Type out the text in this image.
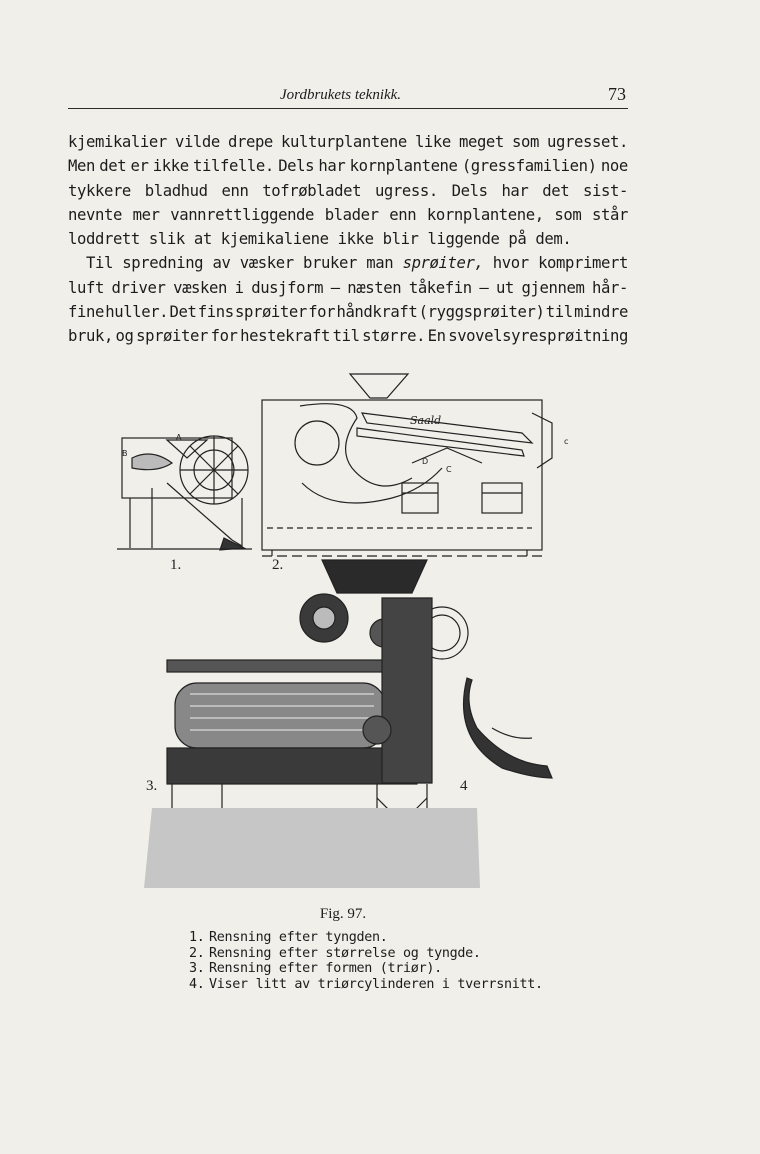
Jordbrukets teknikk.	73
kjemikalier vilde drepe kulturplantene like meget som ugresset.
Men det er ikke tilfelle. Dels har kornplantene (gressfamilien) noe
tykkere bladhud enn tofrøbladet ugress. Dels har det sist-
nevnte mer vannrettliggende blader enn kornplantene, som står
loddrett slik at kjemikaliene ikke blir liggende på dem.
Til spredning av væsker bruker man sprøiter, hvor komprimert
luft driver væsken i dusjform — næsten tåkefin — ut gjennem hår-
fine huller. Det fins sprøiter for håndkraft (ryggsprøiter) til mindre
bruk, og sprøiter for hestekraft til større. En svovelsyresprøitning
Saald
A
B
C
D
c
1.	2.
3.	4
Fig. 97.
1. Rensning efter tyngden.
2. Rensning efter størrelse og tyngde.
3. Rensning efter formen (triør).
4. Viser litt av triørcylinderen i tverrsnitt.
